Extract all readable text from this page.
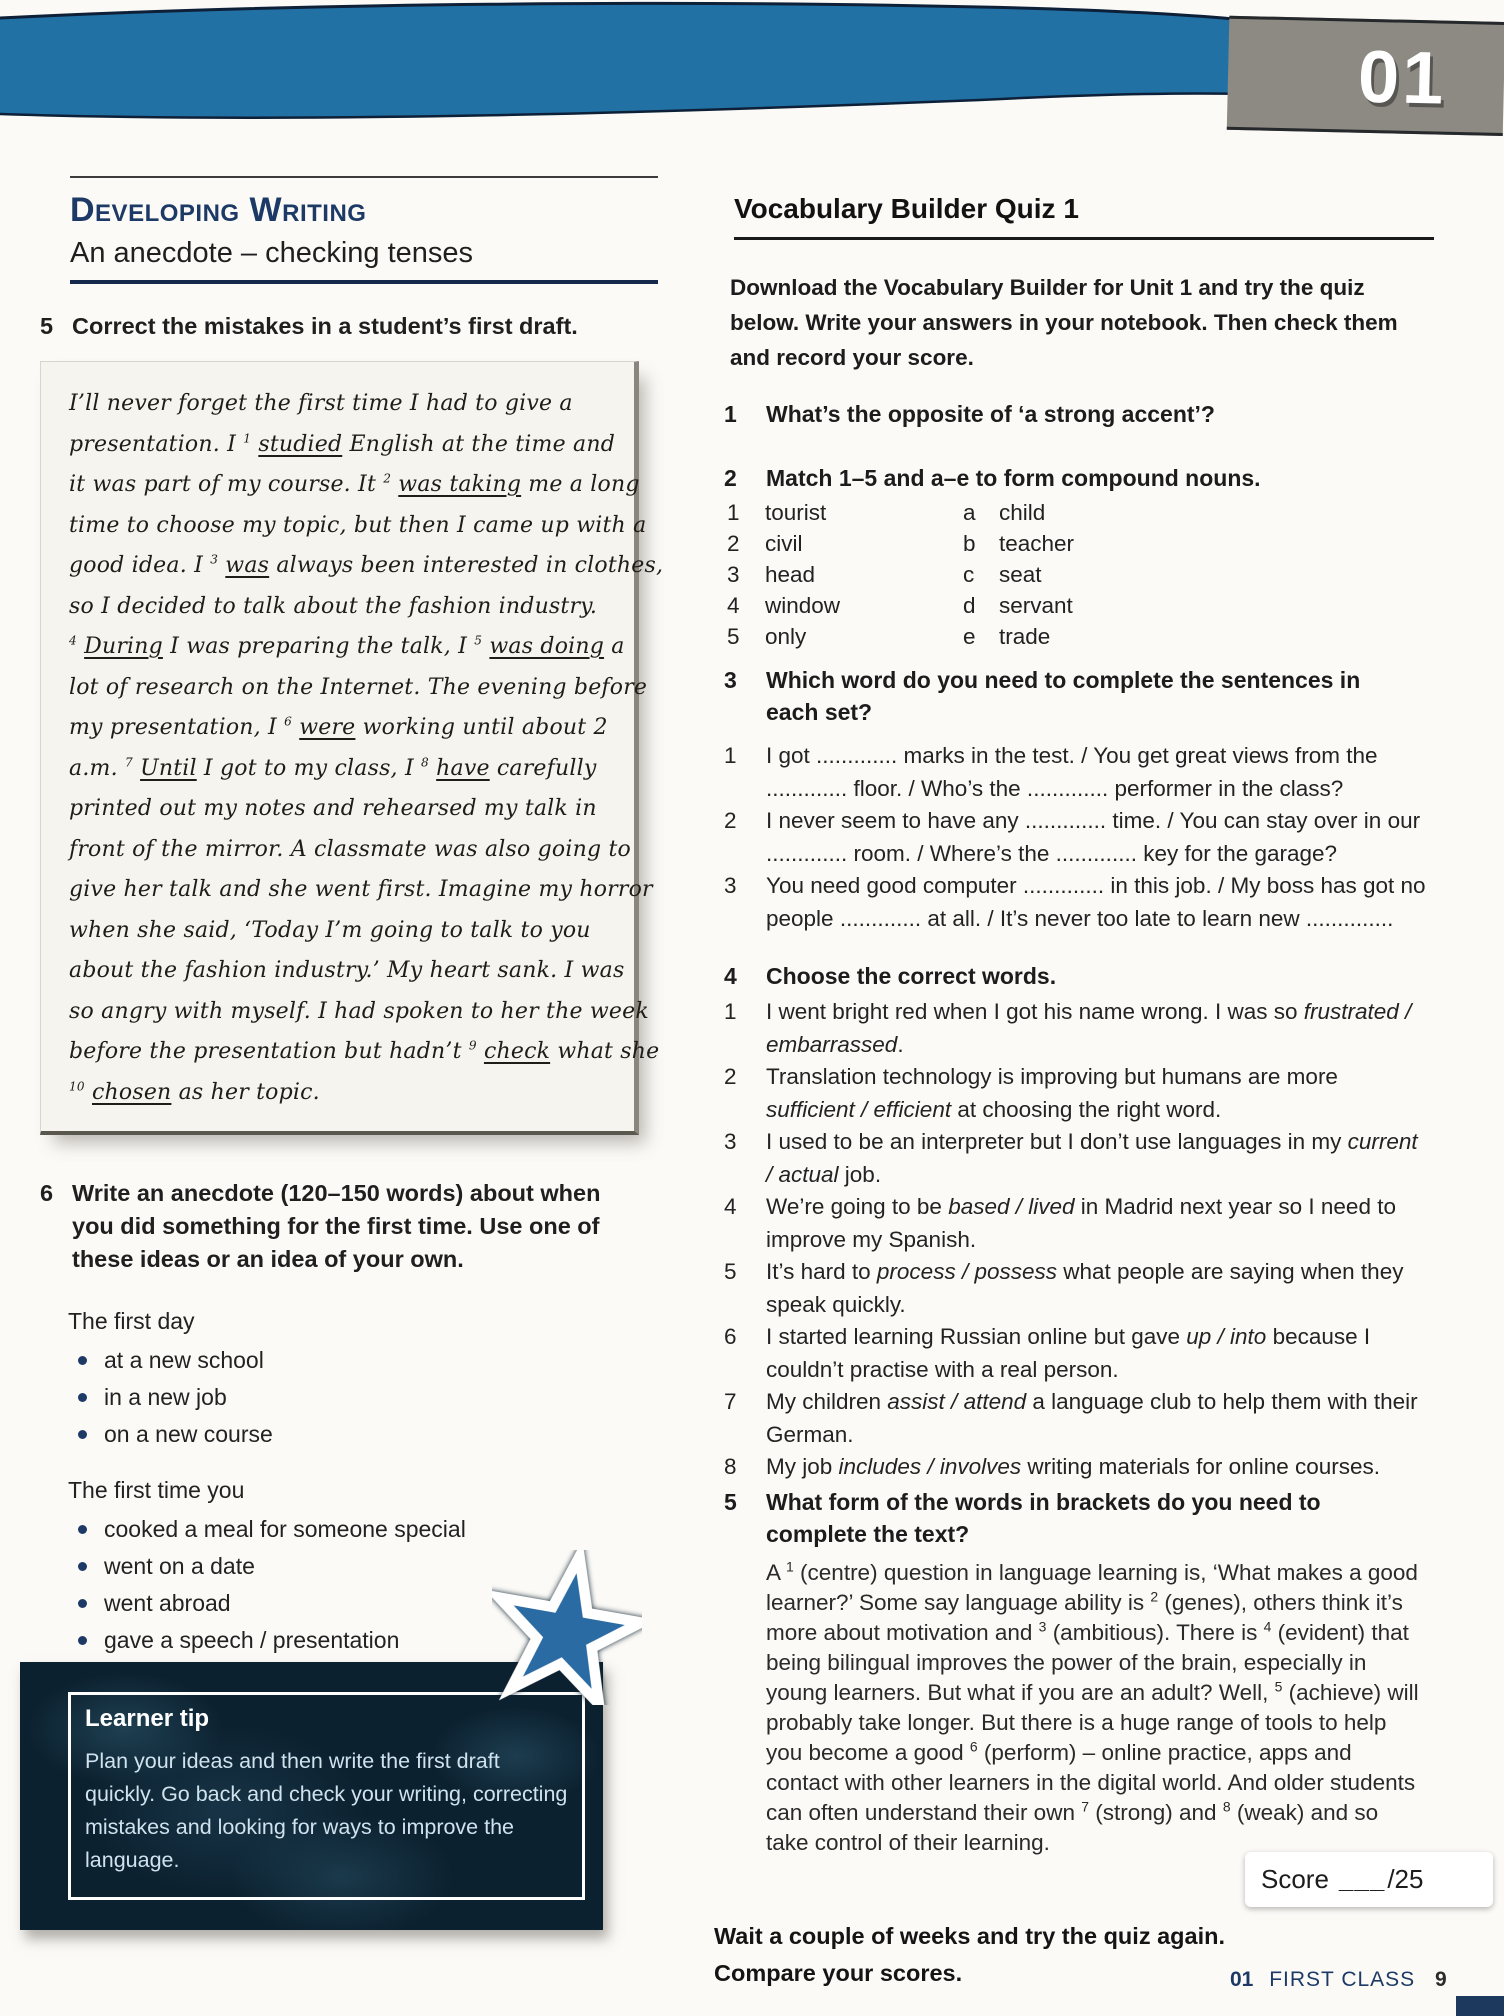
01
Developing Writing
An anecdote – checking tenses
5 Correct the mistakes in a student’s first draft.
I’ll never forget the first time I had to give a
presentation. I $^1$ studied English at the time and
it was part of my course. It $^2$ was taking me a long
time to choose my topic, but then I came up with a
good idea. I $^3$ was always been interested in clothes,
so I decided to talk about the fashion industry.
$^4$ During I was preparing the talk, I $^5$ was doing a
lot of research on the Internet. The evening before
my presentation, I $^6$ were working until about 2
a.m. $^7$ Until I got to my class, I $^8$ have carefully
printed out my notes and rehearsed my talk in
front of the mirror. A classmate was also going to
give her talk and she went first. Imagine my horror
when she said, ‘Today I’m going to talk to you
about the fashion industry.’ My heart sank. I was
so angry with myself. I had spoken to her the week
before the presentation but hadn’t $^9$ check what she
$^{10}$ chosen as her topic.
6 Write an anecdote (120–150 words) about when you did something for the first time. Use one of these ideas or an idea of your own.
The first day
at a new school
in a new job
on a new course
The first time you
cooked a meal for someone special
went on a date
went abroad
gave a speech / presentation
Learner tip
Plan your ideas and then write the first draft quickly. Go back and check your writing, correcting mistakes and looking for ways to improve the language.
Vocabulary Builder Quiz 1
Download the Vocabulary Builder for Unit 1 and try the quiz below. Write your answers in your notebook. Then check them and record your score.
1 What’s the opposite of ‘a strong accent’?
2 Match 1–5 and a–e to form compound nouns.
1	tourist	a	child
2	civil	b	teacher
3	head	c	seat
4	window	d	servant
5	only	e	trade
3 Which word do you need to complete the sentences in each set?
1 I got ............. marks in the test. / You get great views from the ............. floor. / Who’s the ............. performer in the class?
2 I never seem to have any ............. time. / You can stay over in our ............. room. / Where’s the ............. key for the garage?
3 You need good computer ............. in this job. / My boss has got no people ............. at all. / It’s never too late to learn new ..............
4 Choose the correct words.
1 I went bright red when I got his name wrong. I was so frustrated / embarrassed.
2 Translation technology is improving but humans are more sufficient / efficient at choosing the right word.
3 I used to be an interpreter but I don’t use languages in my current / actual job.
4 We’re going to be based / lived in Madrid next year so I need to improve my Spanish.
5 It’s hard to process / possess what people are saying when they speak quickly.
6 I started learning Russian online but gave up / into because I couldn’t practise with a real person.
7 My children assist / attend a language club to help them with their German.
8 My job includes / involves writing materials for online courses.
5 What form of the words in brackets do you need to complete the text?
A $^1$ (centre) question in language learning is, ‘What makes a good learner?’ Some say language ability is $^2$ (genes), others think it’s more about motivation and $^3$ (ambitious). There is $^4$ (evident) that being bilingual improves the power of the brain, especially in young learners. But what if you are an adult? Well, $^5$ (achieve) will probably take longer. But there is a huge range of tools to help you become a good $^6$ (perform) – online practice, apps and contact with other learners in the digital world. And older students can often understand their own $^7$ (strong) and $^8$ (weak) and so take control of their learning.
Score ___ /25
Wait a couple of weeks and try the quiz again.
Compare your scores.	01 FIRST CLASS 9
